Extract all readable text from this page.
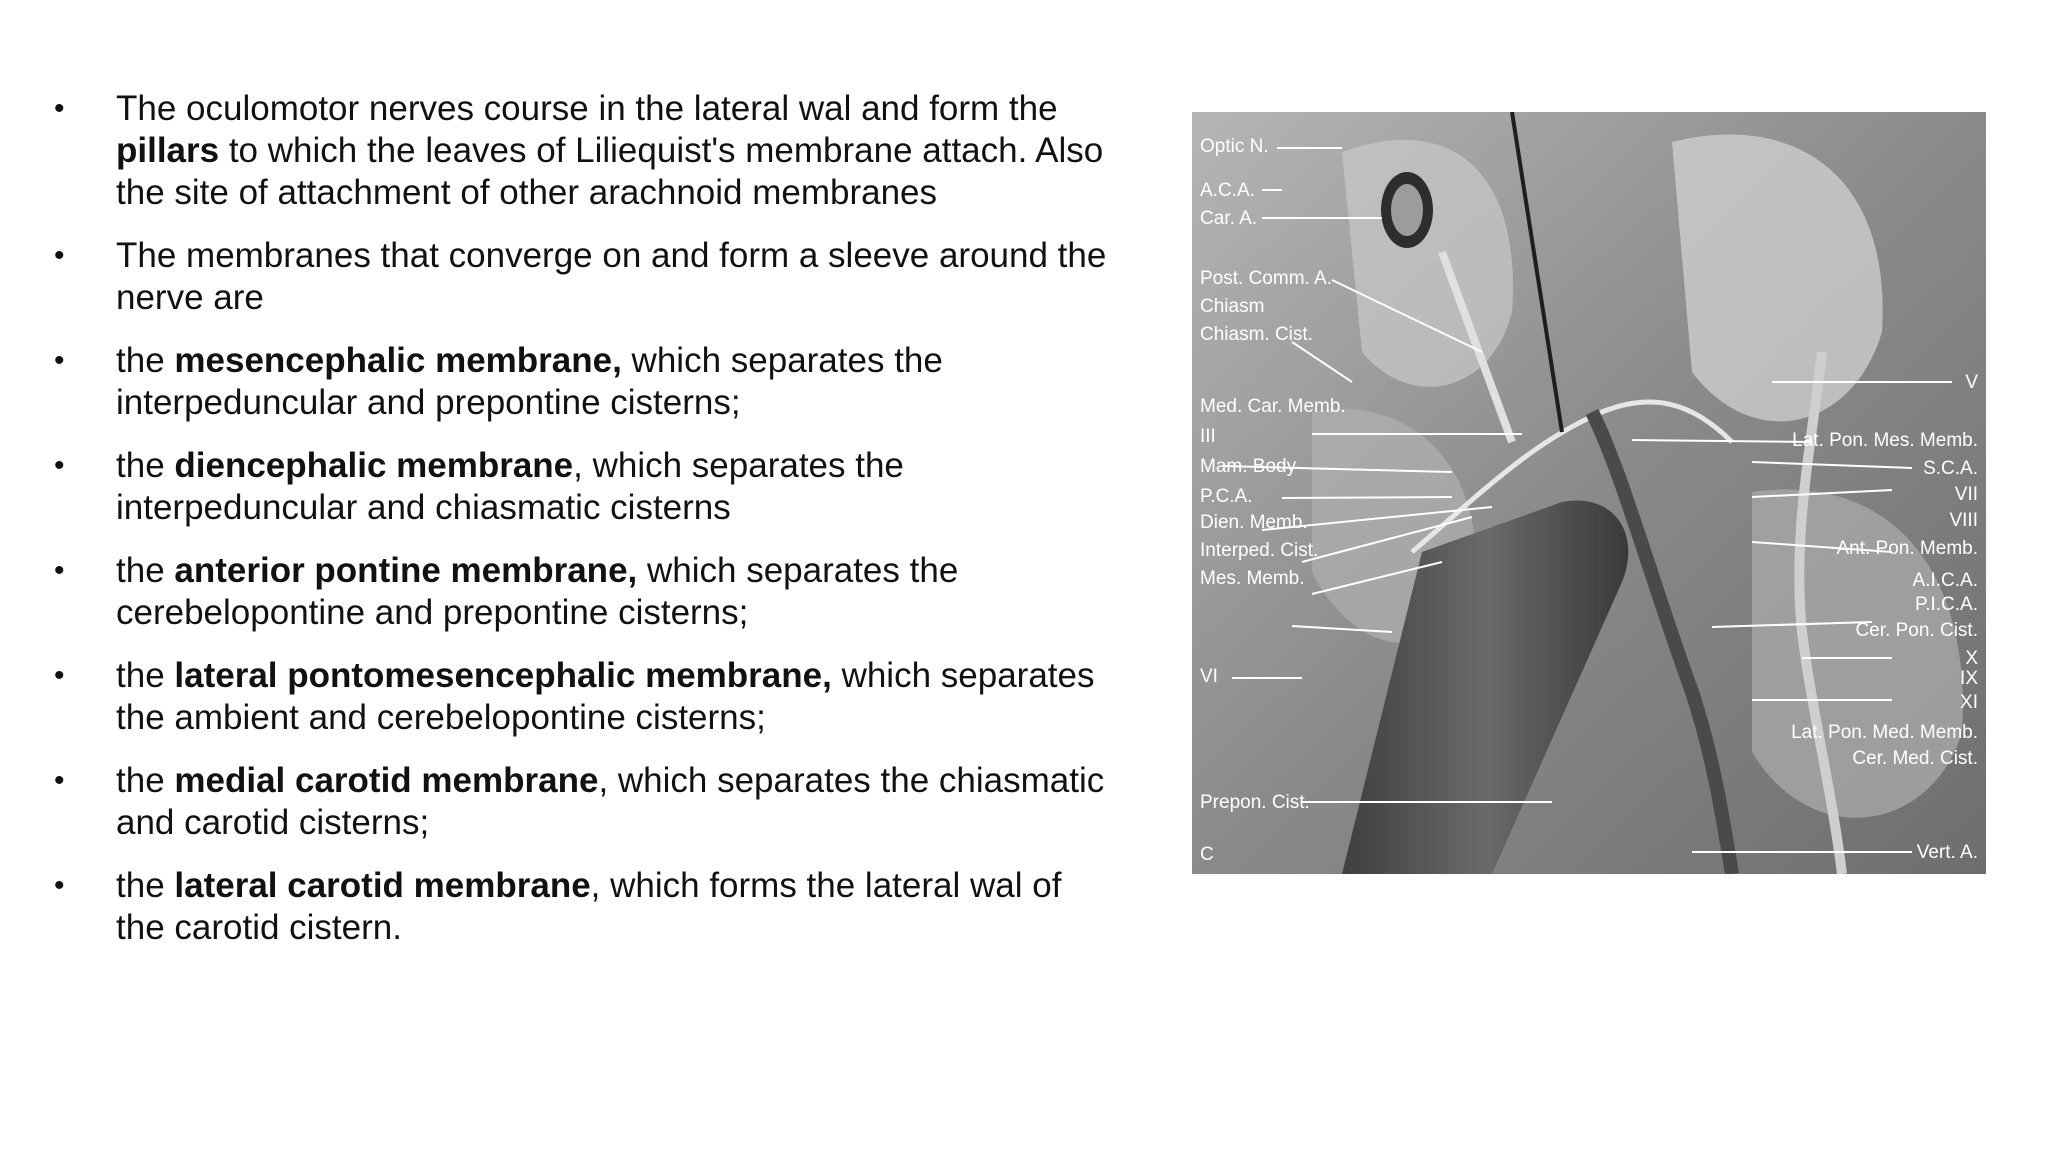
• The oculomotor nerves course in the lateral wal and form the pillars to which the leaves of Liliequist's membrane attach. Also the site of attachment of other arachnoid membranes
• The membranes that converge on and form a sleeve around the nerve are
• the mesencephalic membrane, which separates the interpeduncular and prepontine cisterns;
• the diencephalic membrane, which separates the interpeduncular and chiasmatic cisterns
• the anterior pontine membrane, which separates the cerebelopontine and prepontine cisterns;
• the lateral pontomesencephalic membrane, which separates the ambient and cerebelopontine cisterns;
• the medial carotid membrane, which separates the chiasmatic and carotid cisterns;
• the lateral carotid membrane, which forms the lateral wal of the carotid cistern.
Optic N.
A.C.A.
Car. A.
Post. Comm. A.
Chiasm
Chiasm. Cist.
Med. Car. Memb.
III
Mam. Body
P.C.A.
Dien. Memb.
Interped. Cist.
Mes. Memb.
VI
Prepon. Cist.
C
V
Lat. Pon. Mes. Memb.
S.C.A.
VII
VIII
Ant. Pon. Memb.
A.I.C.A.
P.I.C.A.
Cer. Pon. Cist.
X
IX
XI
Lat. Pon. Med. Memb.
Cer. Med. Cist.
Vert. A.
